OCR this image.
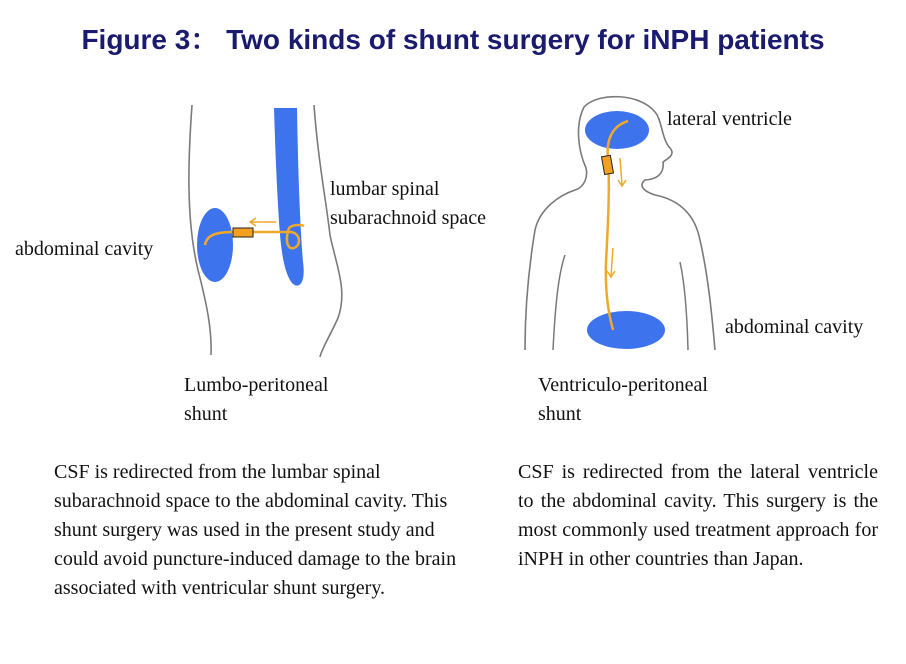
Figure 3： Two kinds of shunt surgery for iNPH patients
lumbar spinal
subarachnoid space
abdominal cavity
Lumbo-peritoneal
shunt
lateral ventricle
abdominal cavity
Ventriculo-peritoneal
shunt
CSF is redirected from the lumbar spinal subarachnoid space to the abdominal cavity. This shunt surgery was used in the present study and could avoid puncture-induced damage to the brain associated with ventricular shunt surgery.
CSF is redirected from the lateral ventricle to the abdominal cavity. This surgery is the most commonly used treatment approach for iNPH in other countries than Japan.
